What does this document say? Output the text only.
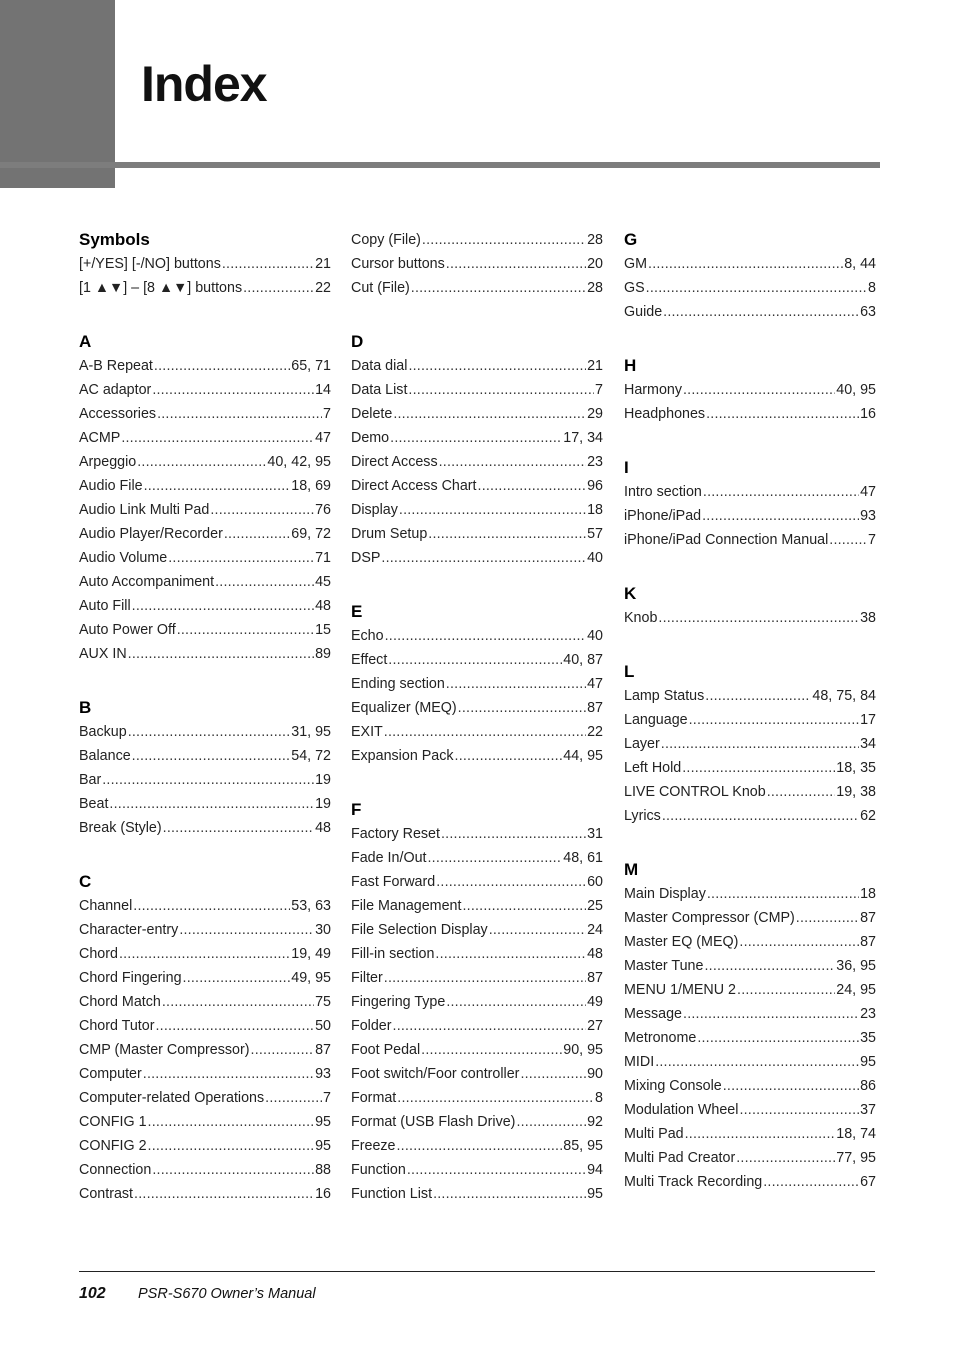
Index
Symbols
[+/YES] [-/NO] buttons .....	21
[1 ▲▼] – [8 ▲▼] buttons .....	22
A
A-B Repeat .....	65, 71
AC adaptor .....	14
Accessories .....	7
ACMP .....	47
Arpeggio .....	40, 42, 95
Audio File .....	18, 69
Audio Link Multi Pad .....	76
Audio Player/Recorder .....	69, 72
Audio Volume .....	71
Auto Accompaniment .....	45
Auto Fill .....	48
Auto Power Off .....	15
AUX IN .....	89
B
Backup .....	31, 95
Balance .....	54, 72
Bar .....	19
Beat .....	19
Break (Style) .....	48
C
Channel .....	53, 63
Character-entry .....	30
Chord .....	19, 49
Chord Fingering .....	49, 95
Chord Match .....	75
Chord Tutor .....	50
CMP (Master Compressor) .....	87
Computer .....	93
Computer-related Operations .....	7
CONFIG 1 .....	95
CONFIG 2 .....	95
Connection .....	88
Contrast .....	16
Copy (File) .....	28
Cursor buttons .....	20
Cut (File) .....	28
D
Data dial .....	21
Data List .....	7
Delete .....	29
Demo .....	17, 34
Direct Access .....	23
Direct Access Chart .....	96
Display .....	18
Drum Setup .....	57
DSP .....	40
E
Echo .....	40
Effect .....	40, 87
Ending section .....	47
Equalizer (MEQ) .....	87
EXIT .....	22
Expansion Pack .....	44, 95
F
Factory Reset .....	31
Fade In/Out .....	48, 61
Fast Forward .....	60
File Management .....	25
File Selection Display .....	24
Fill-in section .....	48
Filter .....	87
Fingering Type .....	49
Folder .....	27
Foot Pedal .....	90, 95
Foot switch/Foor controller .....	90
Format .....	8
Format (USB Flash Drive) .....	92
Freeze .....	85, 95
Function .....	94
Function List .....	95
G
GM .....	8, 44
GS .....	8
Guide .....	63
H
Harmony .....	40, 95
Headphones .....	16
I
Intro section .....	47
iPhone/iPad .....	93
iPhone/iPad Connection Manual .....	7
K
Knob .....	38
L
Lamp Status .....	48, 75, 84
Language .....	17
Layer .....	34
Left Hold .....	18, 35
LIVE CONTROL Knob .....	19, 38
Lyrics .....	62
M
Main Display .....	18
Master Compressor (CMP) .....	87
Master EQ (MEQ) .....	87
Master Tune .....	36, 95
MENU 1/MENU 2 .....	24, 95
Message .....	23
Metronome .....	35
MIDI .....	95
Mixing Console .....	86
Modulation Wheel .....	37
Multi Pad .....	18, 74
Multi Pad Creator .....	77, 95
Multi Track Recording .....	67
102 PSR-S670 Owner’s Manual
